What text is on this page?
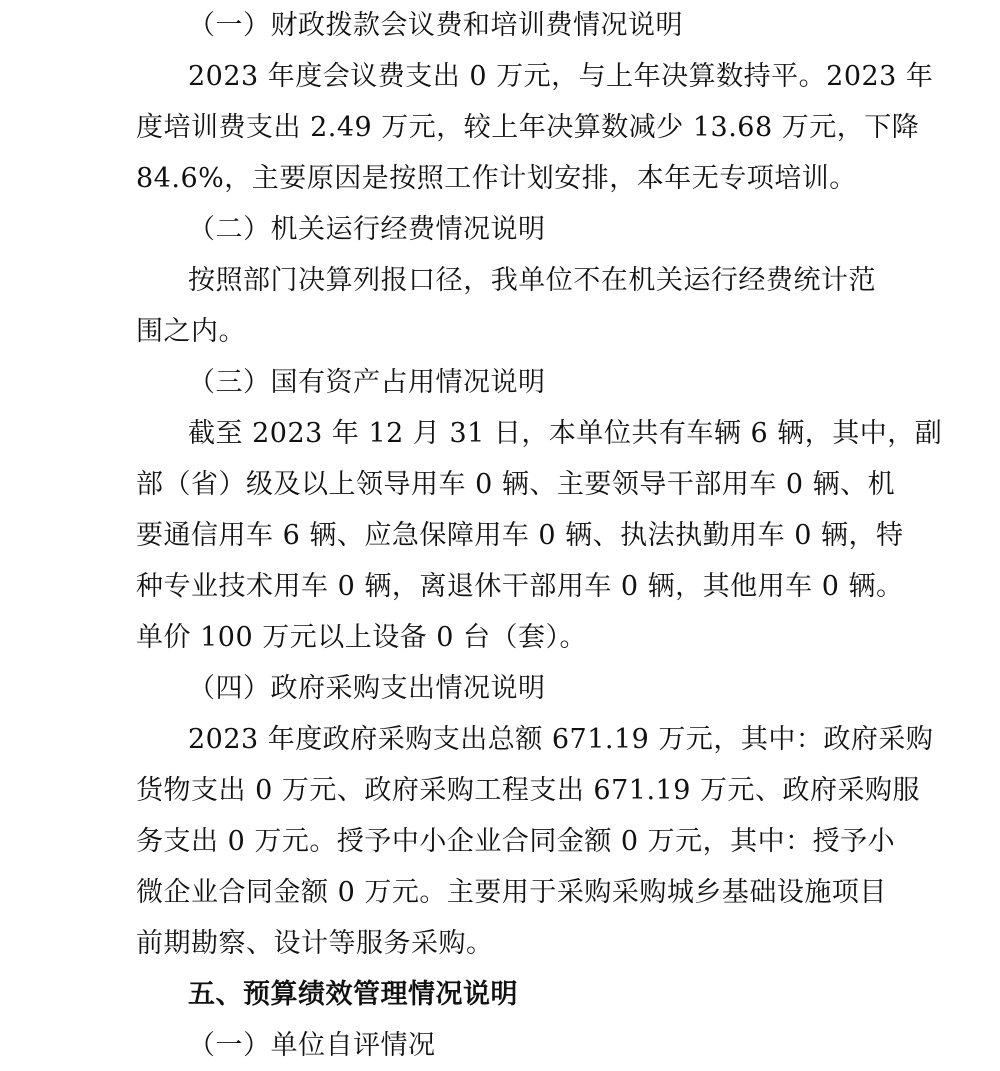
（一）财政拨款会议费和培训费情况说明
2023 年度会议费支出 0 万元，与上年决算数持平。2023 年
度培训费支出 2.49 万元，较上年决算数减少 13.68 万元，下降
84.6%，主要原因是按照工作计划安排，本年无专项培训。
（二）机关运行经费情况说明
按照部门决算列报口径，我单位不在机关运行经费统计范
围之内。
（三）国有资产占用情况说明
截至 2023 年 12 月 31 日，本单位共有车辆 6 辆，其中，副
部（省）级及以上领导用车 0 辆、主要领导干部用车 0 辆、机
要通信用车 6 辆、应急保障用车 0 辆、执法执勤用车 0 辆，特
种专业技术用车 0 辆，离退休干部用车 0 辆，其他用车 0 辆。
单价 100 万元以上设备 0 台（套）。
（四）政府采购支出情况说明
2023 年度政府采购支出总额 671.19 万元，其中：政府采购
货物支出 0 万元、政府采购工程支出 671.19 万元、政府采购服
务支出 0 万元。授予中小企业合同金额 0 万元，其中：授予小
微企业合同金额 0 万元。主要用于采购采购城乡基础设施项目
前期勘察、设计等服务采购。
五、预算绩效管理情况说明
（一）单位自评情况
